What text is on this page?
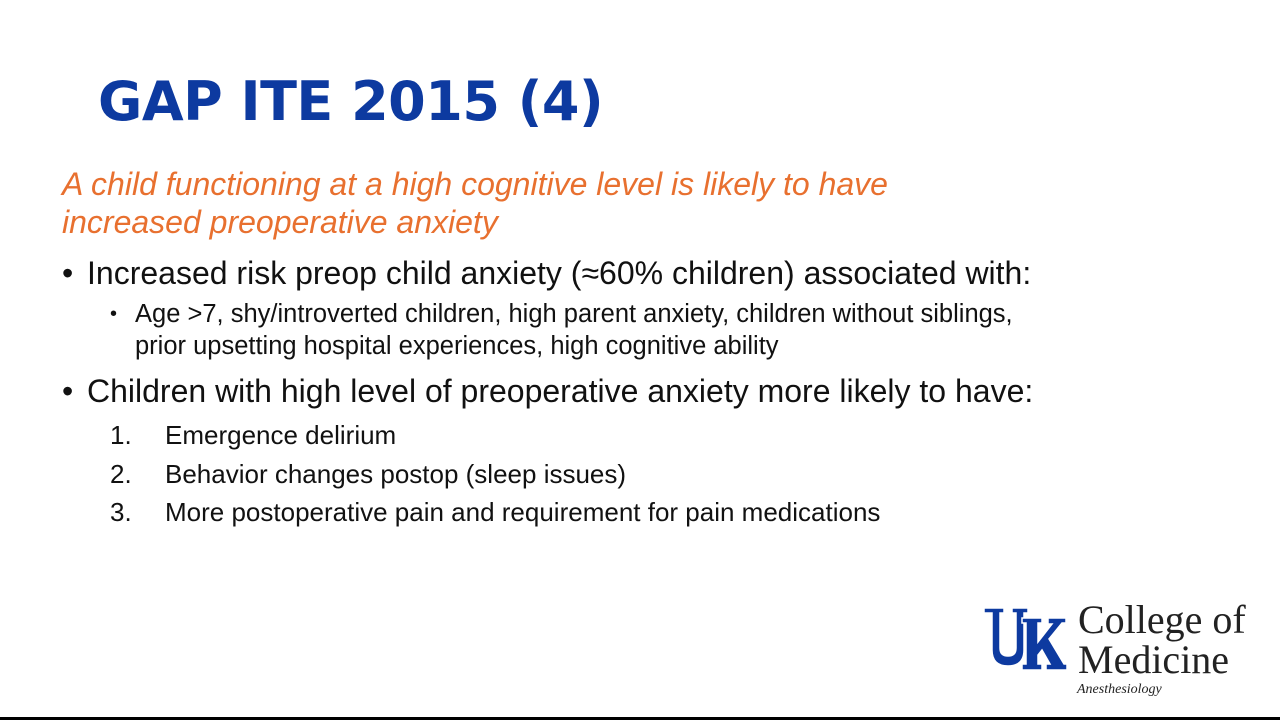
GAP ITE 2015 (4)
A child functioning at a high cognitive level is likely to have increased preoperative anxiety
• Increased risk preop child anxiety (≈60% children) associated with:
• Age >7, shy/introverted children, high parent anxiety, children without siblings, prior upsetting hospital experiences, high cognitive ability
• Children with high level of preoperative anxiety more likely to have:
1. Emergence delirium
2. Behavior changes postop (sleep issues)
3. More postoperative pain and requirement for pain medications
College of
Medicine
Anesthesiology
